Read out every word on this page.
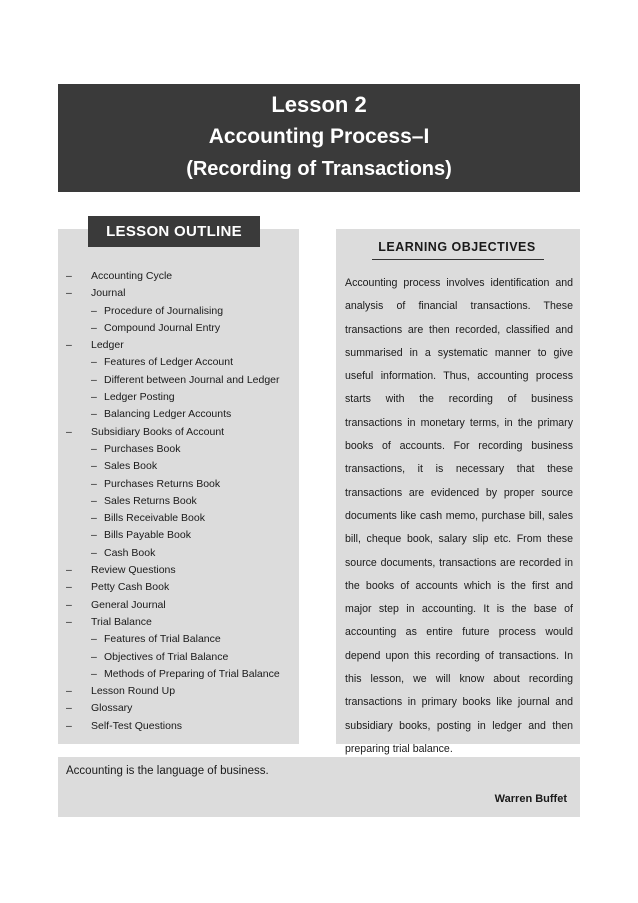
Lesson 2
Accounting Process–I
(Recording of Transactions)
LESSON OUTLINE
– Accounting Cycle
– Journal
– Procedure of Journalising
– Compound Journal Entry
– Ledger
– Features of Ledger Account
– Different between Journal and Ledger
– Ledger Posting
– Balancing Ledger Accounts
– Subsidiary Books of Account
– Purchases Book
– Sales Book
– Purchases Returns Book
– Sales Returns Book
– Bills Receivable Book
– Bills Payable Book
– Cash Book
– Review Questions
– Petty Cash Book
– General Journal
– Trial Balance
– Features of Trial Balance
– Objectives of Trial Balance
– Methods of Preparing of Trial Balance
– Lesson Round Up
– Glossary
– Self-Test Questions
LEARNING OBJECTIVES
Accounting process involves identification and analysis of financial transactions. These transactions are then recorded, classified and summarised in a systematic manner to give useful information. Thus, accounting process starts with the recording of business transactions in monetary terms, in the primary books of accounts. For recording business transactions, it is necessary that these transactions are evidenced by proper source documents like cash memo, purchase bill, sales bill, cheque book, salary slip etc. From these source documents, transactions are recorded in the books of accounts which is the first and major step in accounting. It is the base of accounting as entire future process would depend upon this recording of transactions. In this lesson, we will know about recording transactions in primary books like journal and subsidiary books, posting in ledger and then preparing trial balance.
Accounting is the language of business.
Warren Buffet
